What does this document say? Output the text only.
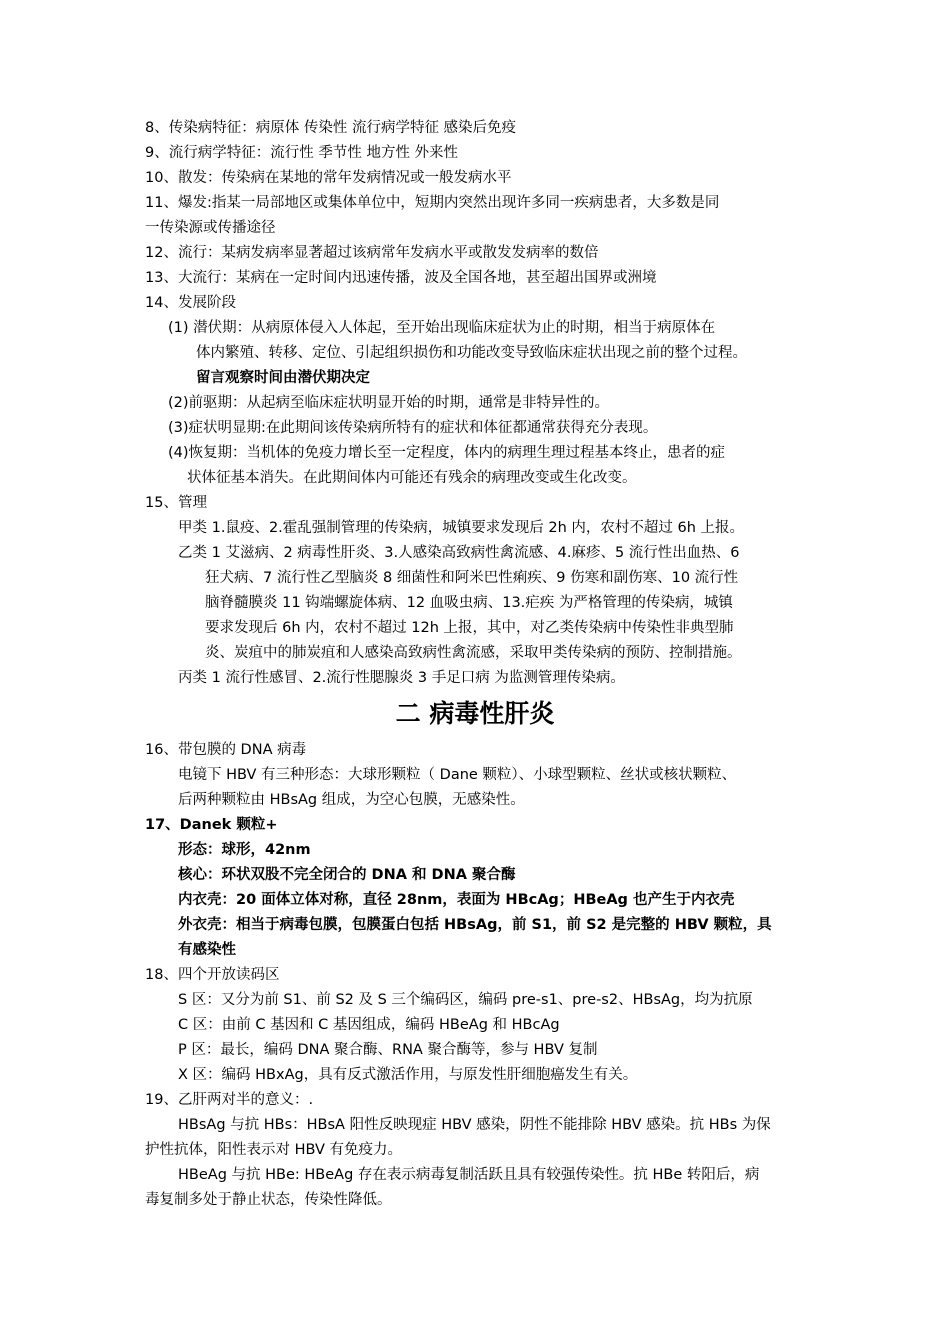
8、传染病特征：病原体 传染性 流行病学特征 感染后免疫
9、流行病学特征：流行性 季节性 地方性 外来性
10、散发：传染病在某地的常年发病情况或一般发病水平
11、爆发:指某一局部地区或集体单位中，短期内突然出现许多同一疾病患者，大多数是同
一传染源或传播途径
12、流行：某病发病率显著超过该病常年发病水平或散发发病率的数倍
13、大流行：某病在一定时间内迅速传播，波及全国各地，甚至超出国界或洲境
14、发展阶段
(1) 潜伏期：从病原体侵入人体起，至开始出现临床症状为止的时期，相当于病原体在
体内繁殖、转移、定位、引起组织损伤和功能改变导致临床症状出现之前的整个过程。
留言观察时间由潜伏期决定
(2)前驱期：从起病至临床症状明显开始的时期，通常是非特异性的。
(3)症状明显期:在此期间该传染病所特有的症状和体征都通常获得充分表现。
(4)恢复期：当机体的免疫力增长至一定程度，体内的病理生理过程基本终止，患者的症
状体征基本消失。在此期间体内可能还有残余的病理改变或生化改变。
15、管理
甲类 1.鼠疫、2.霍乱强制管理的传染病，城镇要求发现后 2h 内，农村不超过 6h 上报。
乙类 1 艾滋病、2 病毒性肝炎、3.人感染高致病性禽流感、4.麻疹、5 流行性出血热、6
狂犬病、7 流行性乙型脑炎 8 细菌性和阿米巴性痢疾、9 伤寒和副伤寒、10 流行性
脑脊髓膜炎 11 钩端螺旋体病、12 血吸虫病、13.疟疾 为严格管理的传染病，城镇
要求发现后 6h 内，农村不超过 12h 上报，其中，对乙类传染病中传染性非典型肺
炎、炭疽中的肺炭疽和人感染高致病性禽流感，采取甲类传染病的预防、控制措施。
丙类 1 流行性感冒、2.流行性腮腺炎 3 手足口病 为监测管理传染病。
二 病毒性肝炎
16、带包膜的 DNA 病毒
电镜下 HBV 有三种形态：大球形颗粒（ Dane 颗粒）、小球型颗粒、丝状或核状颗粒、
后两种颗粒由 HBsAg 组成，为空心包膜，无感染性。
17、Danek 颗粒+
形态：球形，42nm
核心：环状双股不完全闭合的 DNA 和 DNA 聚合酶
内衣壳：20 面体立体对称，直径 28nm，表面为 HBcAg；HBeAg 也产生于内衣壳
外衣壳：相当于病毒包膜，包膜蛋白包括 HBsAg，前 S1，前 S2 是完整的 HBV 颗粒，具
有感染性
18、四个开放读码区
S 区：又分为前 S1、前 S2 及 S 三个编码区，编码 pre-s1、pre-s2、HBsAg，均为抗原
C 区：由前 C 基因和 C 基因组成，编码 HBeAg 和 HBcAg
P 区：最长，编码 DNA 聚合酶、RNA 聚合酶等，参与 HBV 复制
X 区：编码 HBxAg，具有反式激活作用，与原发性肝细胞癌发生有关。
19、乙肝两对半的意义：.
HBsAg 与抗 HBs：HBsA 阳性反映现症 HBV 感染，阴性不能排除 HBV 感染。抗 HBs 为保
护性抗体，阳性表示对 HBV 有免疫力。
HBeAg 与抗 HBe: HBeAg 存在表示病毒复制活跃且具有较强传染性。抗 HBe 转阳后，病
毒复制多处于静止状态，传染性降低。
